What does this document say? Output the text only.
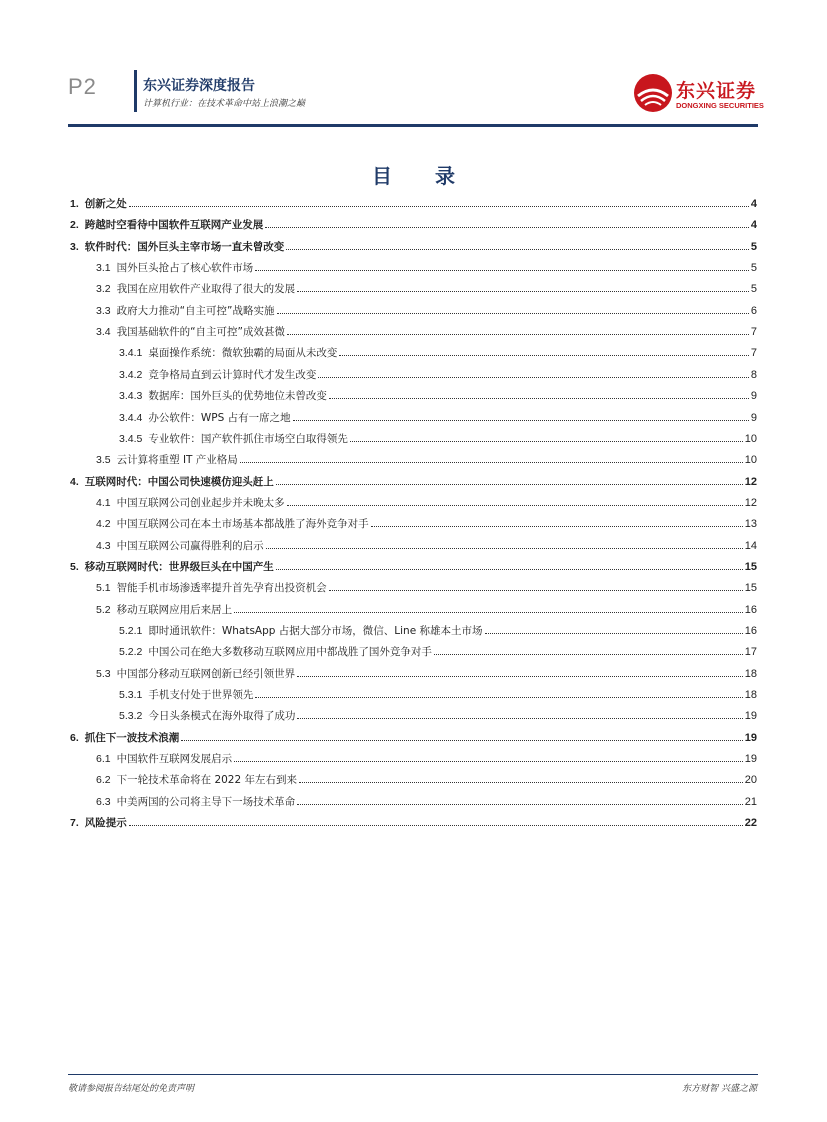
P2	东兴证券深度报告
计算机行业：在技术革命中站上浪潮之巅
东兴证券
DONGXING SECURITIES
目 录
1. 创新之处	4
2. 跨越时空看待中国软件互联网产业发展	4
3. 软件时代：国外巨头主宰市场一直未曾改变	5
3.1 国外巨头抢占了核心软件市场	5
3.2 我国在应用软件产业取得了很大的发展	5
3.3 政府大力推动“自主可控”战略实施	6
3.4 我国基础软件的“自主可控”成效甚微	7
3.4.1 桌面操作系统：微软独霸的局面从未改变	7
3.4.2 竞争格局直到云计算时代才发生改变	8
3.4.3 数据库：国外巨头的优势地位未曾改变	9
3.4.4 办公软件：WPS 占有一席之地	9
3.4.5 专业软件：国产软件抓住市场空白取得领先	10
3.5 云计算将重塑 IT 产业格局	10
4. 互联网时代：中国公司快速模仿迎头赶上	12
4.1 中国互联网公司创业起步并未晚太多	12
4.2 中国互联网公司在本土市场基本都战胜了海外竞争对手	13
4.3 中国互联网公司赢得胜利的启示	14
5. 移动互联网时代：世界级巨头在中国产生	15
5.1 智能手机市场渗透率提升首先孕育出投资机会	15
5.2 移动互联网应用后来居上	16
5.2.1 即时通讯软件：WhatsApp 占据大部分市场，微信、Line 称雄本土市场	16
5.2.2 中国公司在绝大多数移动互联网应用中都战胜了国外竞争对手	17
5.3 中国部分移动互联网创新已经引领世界	18
5.3.1 手机支付处于世界领先	18
5.3.2 今日头条模式在海外取得了成功	19
6. 抓住下一波技术浪潮	19
6.1 中国软件互联网发展启示	19
6.2 下一轮技术革命将在 2022 年左右到来	20
6.3 中美两国的公司将主导下一场技术革命	21
7. 风险提示	22
敬请参阅报告结尾处的免责声明	东方财智 兴盛之源
